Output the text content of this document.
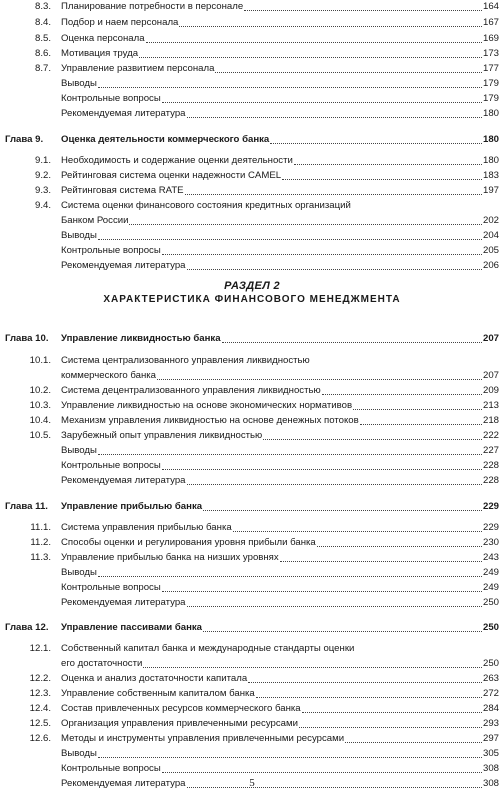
8.3. Планирование потребности в персонале	164
8.4. Подбор и наем персонала	167
8.5. Оценка персонала	169
8.6. Мотивация труда	173
8.7. Управление развитием персонала	177
Выводы	179
Контрольные вопросы	179
Рекомендуемая литература	180
Глава 9. Оценка деятельности коммерческого банка	180
9.1. Необходимость и содержание оценки деятельности	180
9.2. Рейтинговая система оценки надежности CAMEL	183
9.3. Рейтинговая система RATE	197
9.4. Система оценки финансового состояния кредитных организаций
Банком России	202
Выводы	204
Контрольные вопросы	205
Рекомендуемая литература	206
Глава 10. Управление ликвидностью банка	207
10.1. Система централизованного управления ликвидностью
коммерческого банка	207
10.2. Система децентрализованного управления ликвидностью	209
10.3. Управление ликвидностью на основе экономических нормативов	213
10.4. Механизм управления ликвидностью на основе денежных потоков	218
10.5. Зарубежный опыт управления ликвидностью	222
Выводы	227
Контрольные вопросы	228
Рекомендуемая литература	228
Глава 11. Управление прибылью банка	229
11.1. Система управления прибылью банка	229
11.2. Способы оценки и регулирования уровня прибыли банка	230
11.3. Управление прибылью банка на низших уровнях	243
Выводы	249
Контрольные вопросы	249
Рекомендуемая литература	250
Глава 12. Управление пассивами банка	250
12.1. Собственный капитал банка и международные стандарты оценки
его достаточности	250
12.2. Оценка и анализ достаточности капитала	263
12.3. Управление собственным капиталом банка	272
12.4. Состав привлеченных ресурсов коммерческого банка	284
12.5. Организация управления привлеченными ресурсами	293
12.6. Методы и инструменты управления привлеченными ресурсами	297
Выводы	305
Контрольные вопросы	308
Рекомендуемая литература	308
РАЗДЕЛ 2
ХАРАКТЕРИСТИКА ФИНАНСОВОГО МЕНЕДЖМЕНТА
5
